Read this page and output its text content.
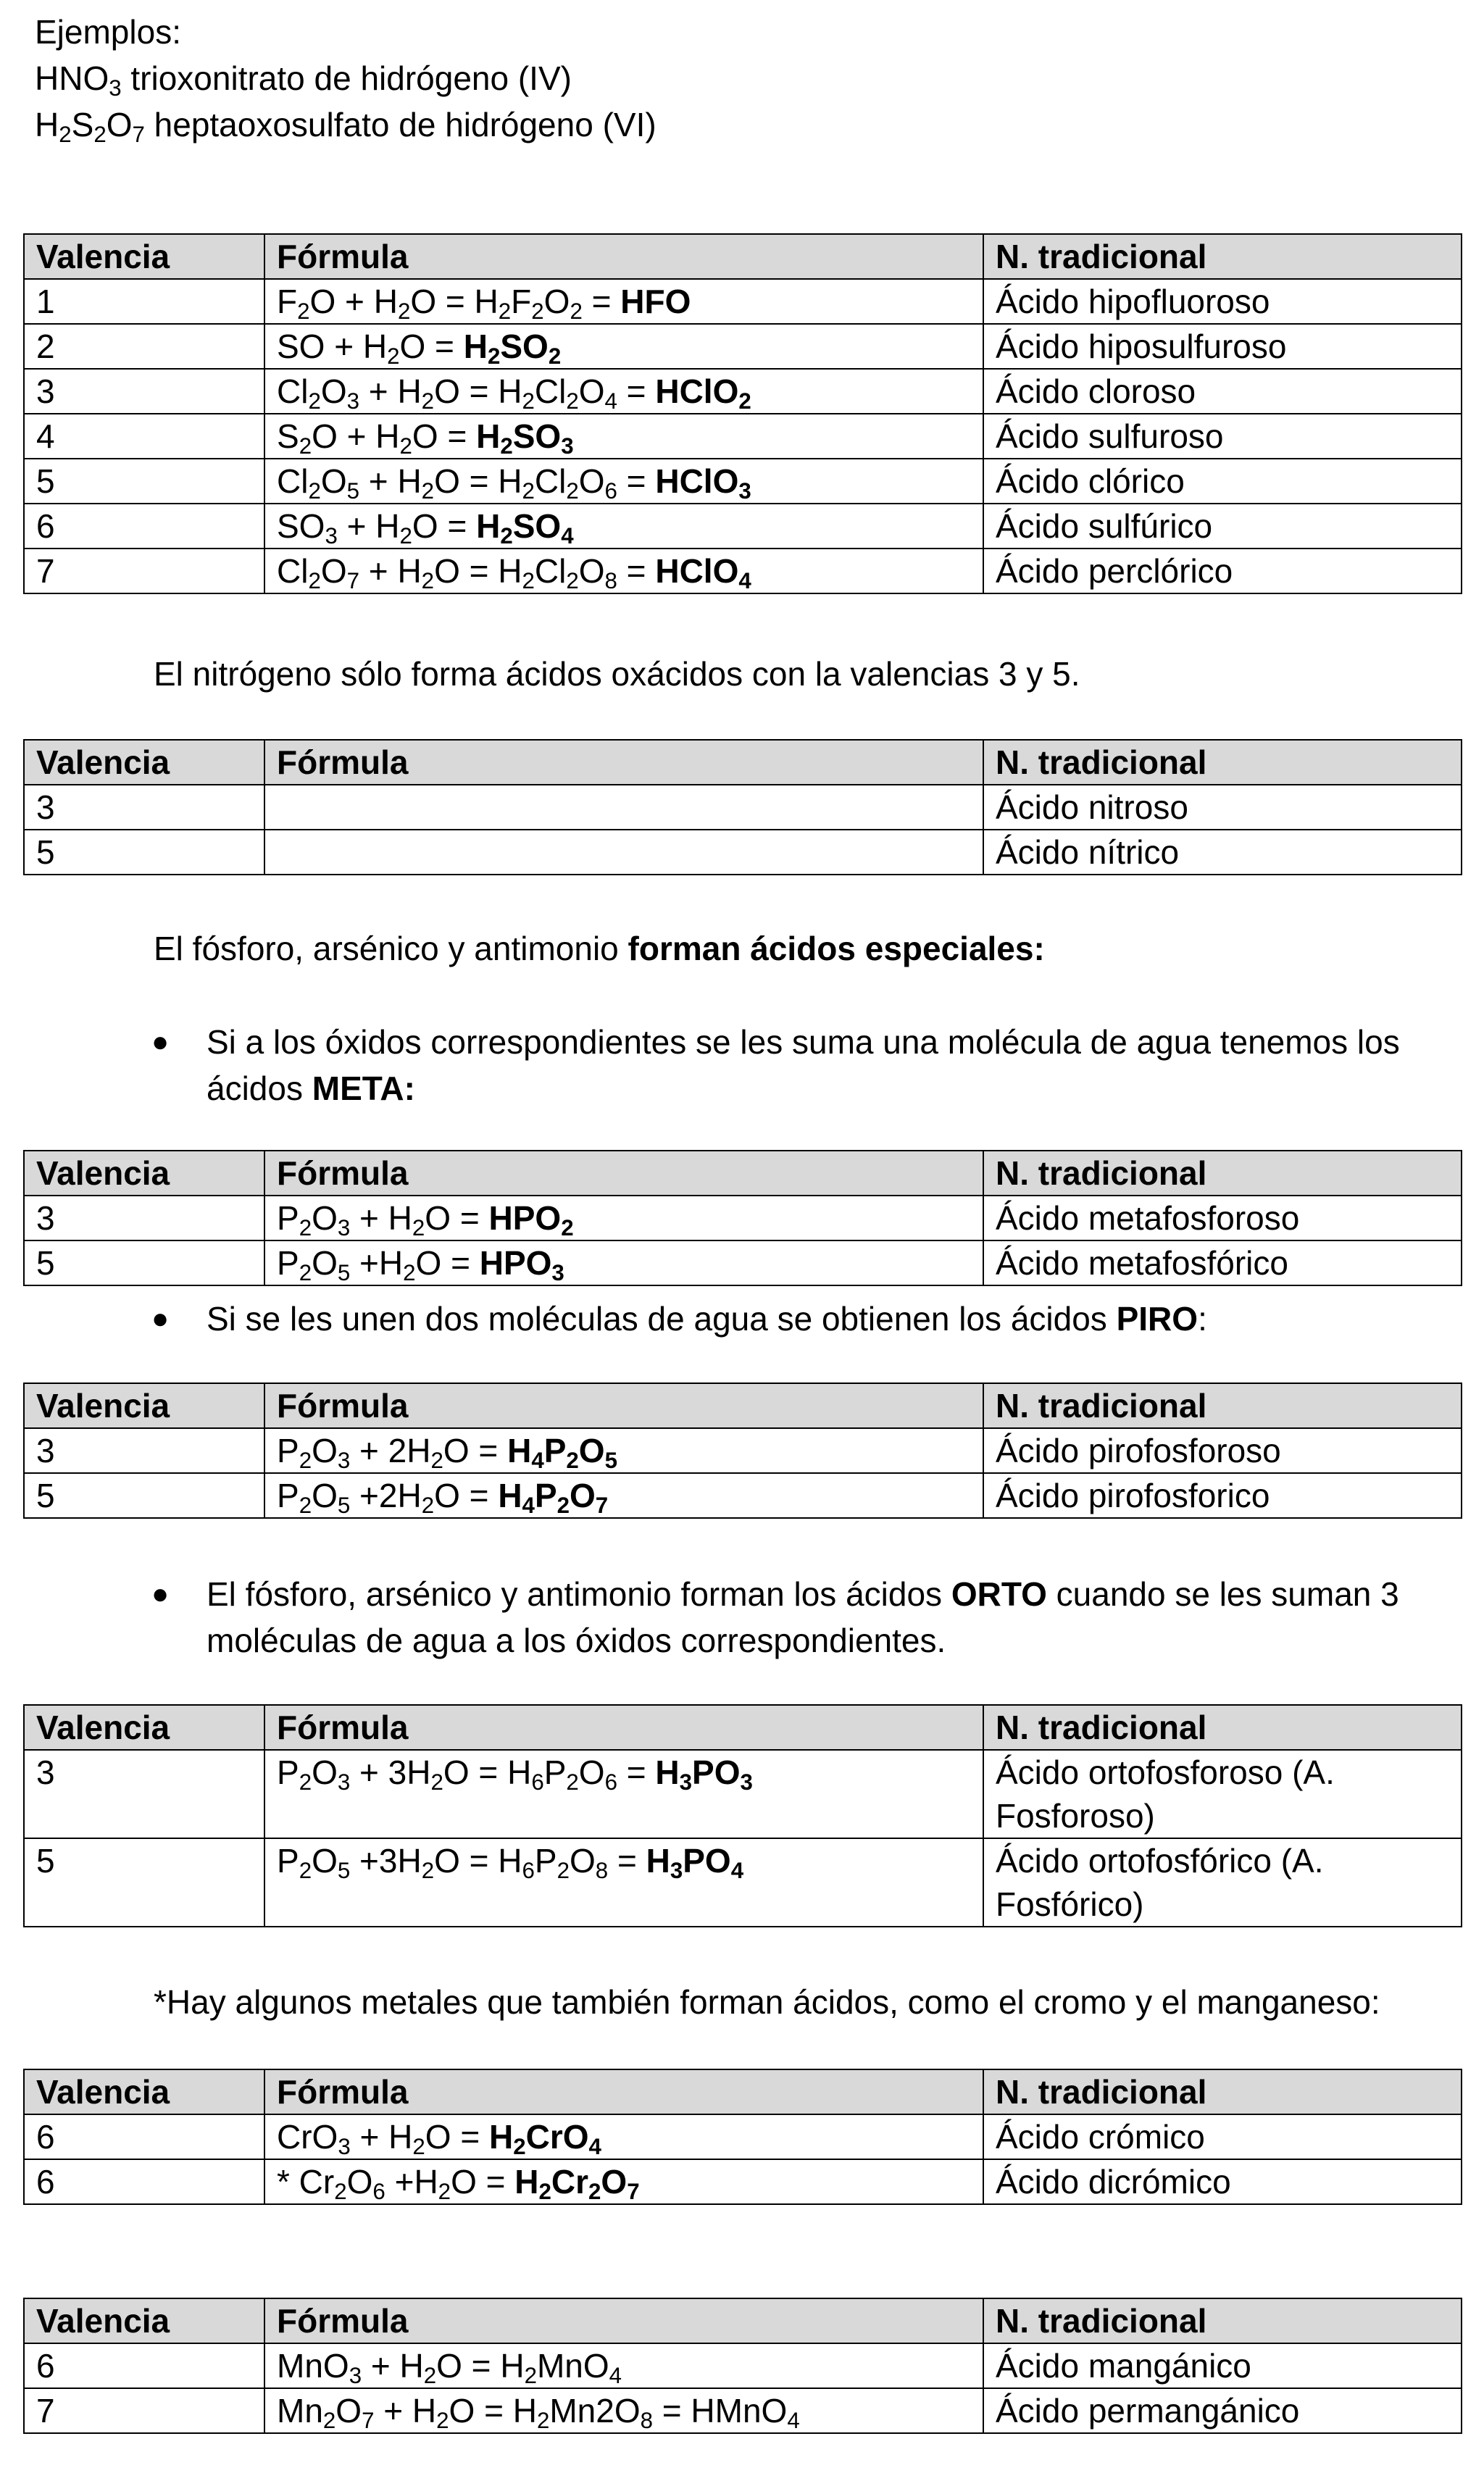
Ejemplos:
$HNO_3$ trioxonitrato de hidrógeno (IV)
$H_2S_2O_7$ heptaoxosulfato de hidrógeno (VI)
Valencia	Fórmula	N. tradicional
1	$F_2O + H_2O = H_2F_2O_2$ = HFO	Ácido hipofluoroso
2	SO + $H_2O = H_2SO_2$	Ácido hiposulfuroso
3	$Cl_2O_3 + H_2O = H_2Cl_2O_4$ = HClO$_2$	Ácido cloroso
4	$S_2O + H_2O = H_2SO_3$	Ácido sulfuroso
5	$Cl_2O_5 + H_2O = H_2Cl_2O_6$ = HClO$_3$	Ácido clórico
6	$SO_3 + H_2O = H_2SO_4$	Ácido sulfúrico
7	$Cl_2O_7 + H_2O = H_2Cl_2O_8$ = HClO$_4$	Ácido perclórico
El nitrógeno sólo forma ácidos oxácidos con la valencias 3 y 5.
Valencia	Fórmula	N. tradicional
3		Ácido nitroso
5		Ácido nítrico
El fósforo, arsénico y antimonio forman ácidos especiales:
● Si a los óxidos correspondientes se les suma una molécula de agua tenemos los ácidos META:
Valencia	Fórmula	N. tradicional
3	$P_2O_3 + H_2O = HPO_2$	Ácido metafosforoso
5	$P_2O_5 +H_2O = HPO_3$	Ácido metafosfórico
● Si se les unen dos moléculas de agua se obtienen los ácidos PIRO:
Valencia	Fórmula	N. tradicional
3	$P_2O_3 + 2H_2O = H_4P_2O_5$	Ácido pirofosforoso
5	$P_2O_5 +2H_2O = H_4P_2O_7$	Ácido pirofosforico
● El fósforo, arsénico y antimonio forman los ácidos ORTO cuando se les suman 3 moléculas de agua a los óxidos correspondientes.
Valencia	Fórmula	N. tradicional
3	$P_2O_3 + 3H_2O = H_6P_2O_6 = H_3PO_3$	Ácido ortofosforoso (A. Fosforoso)
5	$P_2O_5 +3H_2O = H_6P_2O_8 = H_3PO_4$	Ácido ortofosfórico (A. Fosfórico)
*Hay algunos metales que también forman ácidos, como el cromo y el manganeso:
Valencia	Fórmula	N. tradicional
6	$CrO_3 + H_2O = H_2CrO_4$	Ácido crómico
6	* $Cr_2O_6 +H_2O = H_2Cr_2O_7$	Ácido dicrómico
Valencia	Fórmula	N. tradicional
6	$MnO_3 + H_2O = H_2MnO_4$	Ácido mangánico
7	$Mn_2O_7 + H_2O = H_2Mn2O_8$ = HMnO$_4$	Ácido permangánico
